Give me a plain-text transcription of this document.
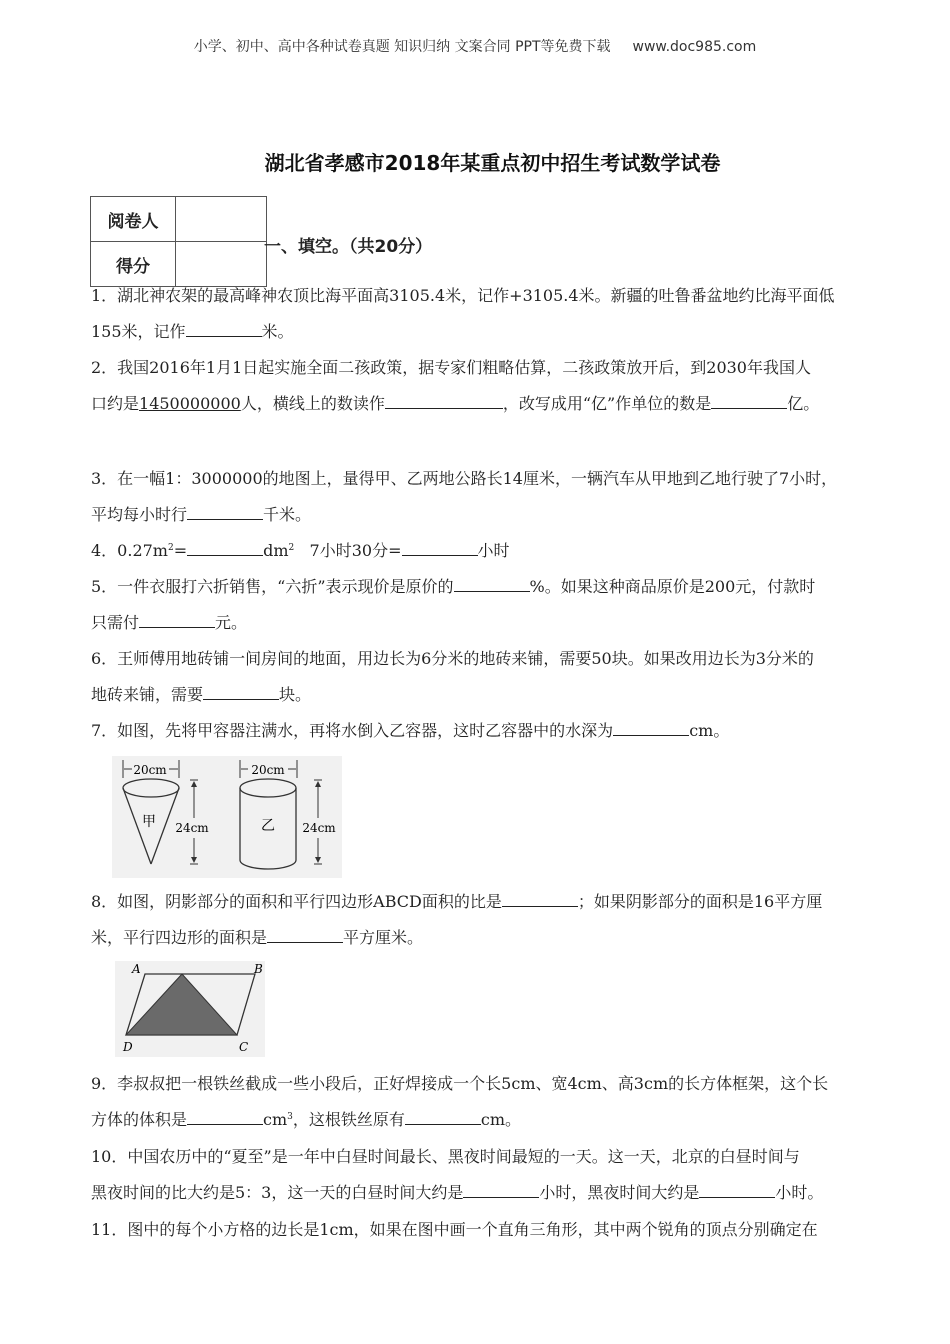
小学、初中、高中各种试卷真题 知识归纳 文案合同 PPT等免费下载 www.doc985.com
湖北省孝感市2018年某重点初中招生考试数学试卷
阅卷人	
得分	
一、填空。（共20分）
1．湖北神农架的最高峰神农顶比海平面高3105.4米，记作+3105.4米。新疆的吐鲁番盆地约比海平面低
155米，记作	米。
2．我国2016年1月1日起实施全面二孩政策，据专家们粗略估算，二孩政策放开后，到2030年我国人
口约是1450000000人，横线上的数读作	，改写成用“亿”作单位的数是	亿。
3．在一幅1：3000000的地图上，量得甲、乙两地公路长14厘米，一辆汽车从甲地到乙地行驶了7小时，
平均每小时行	千米。
4．$0.27m^2=$	$dm^2$   7小时30分=	小时
5．一件衣服打六折销售，“六折”表示现价是原价的	%。如果这种商品原价是200元，付款时
只需付	元。
6．王师傅用地砖铺一间房间的地面，用边长为6分米的地砖来铺，需要50块。如果改用边长为3分米的
地砖来铺，需要	块。
7．如图，先将甲容器注满水，再将水倒入乙容器，这时乙容器中的水深为	cm。
20cm
甲 24cm
20cm
乙 24cm
8．如图，阴影部分的面积和平行四边形ABCD面积的比是	；如果阴影部分的面积是16平方厘
米，平行四边形的面积是	平方厘米。
A	B
C
D
9．李叔叔把一根铁丝截成一些小段后，正好焊接成一个长5cm、宽4cm、高3cm的长方体框架，这个长
方体的体积是	$cm^3$，这根铁丝原有	cm。
10．中国农历中的“夏至”是一年中白昼时间最长、黑夜时间最短的一天。这一天，北京的白昼时间与
黑夜时间的比大约是5：3，这一天的白昼时间大约是	小时，黑夜时间大约是	小时。
11．图中的每个小方格的边长是1cm，如果在图中画一个直角三角形，其中两个锐角的顶点分别确定在
